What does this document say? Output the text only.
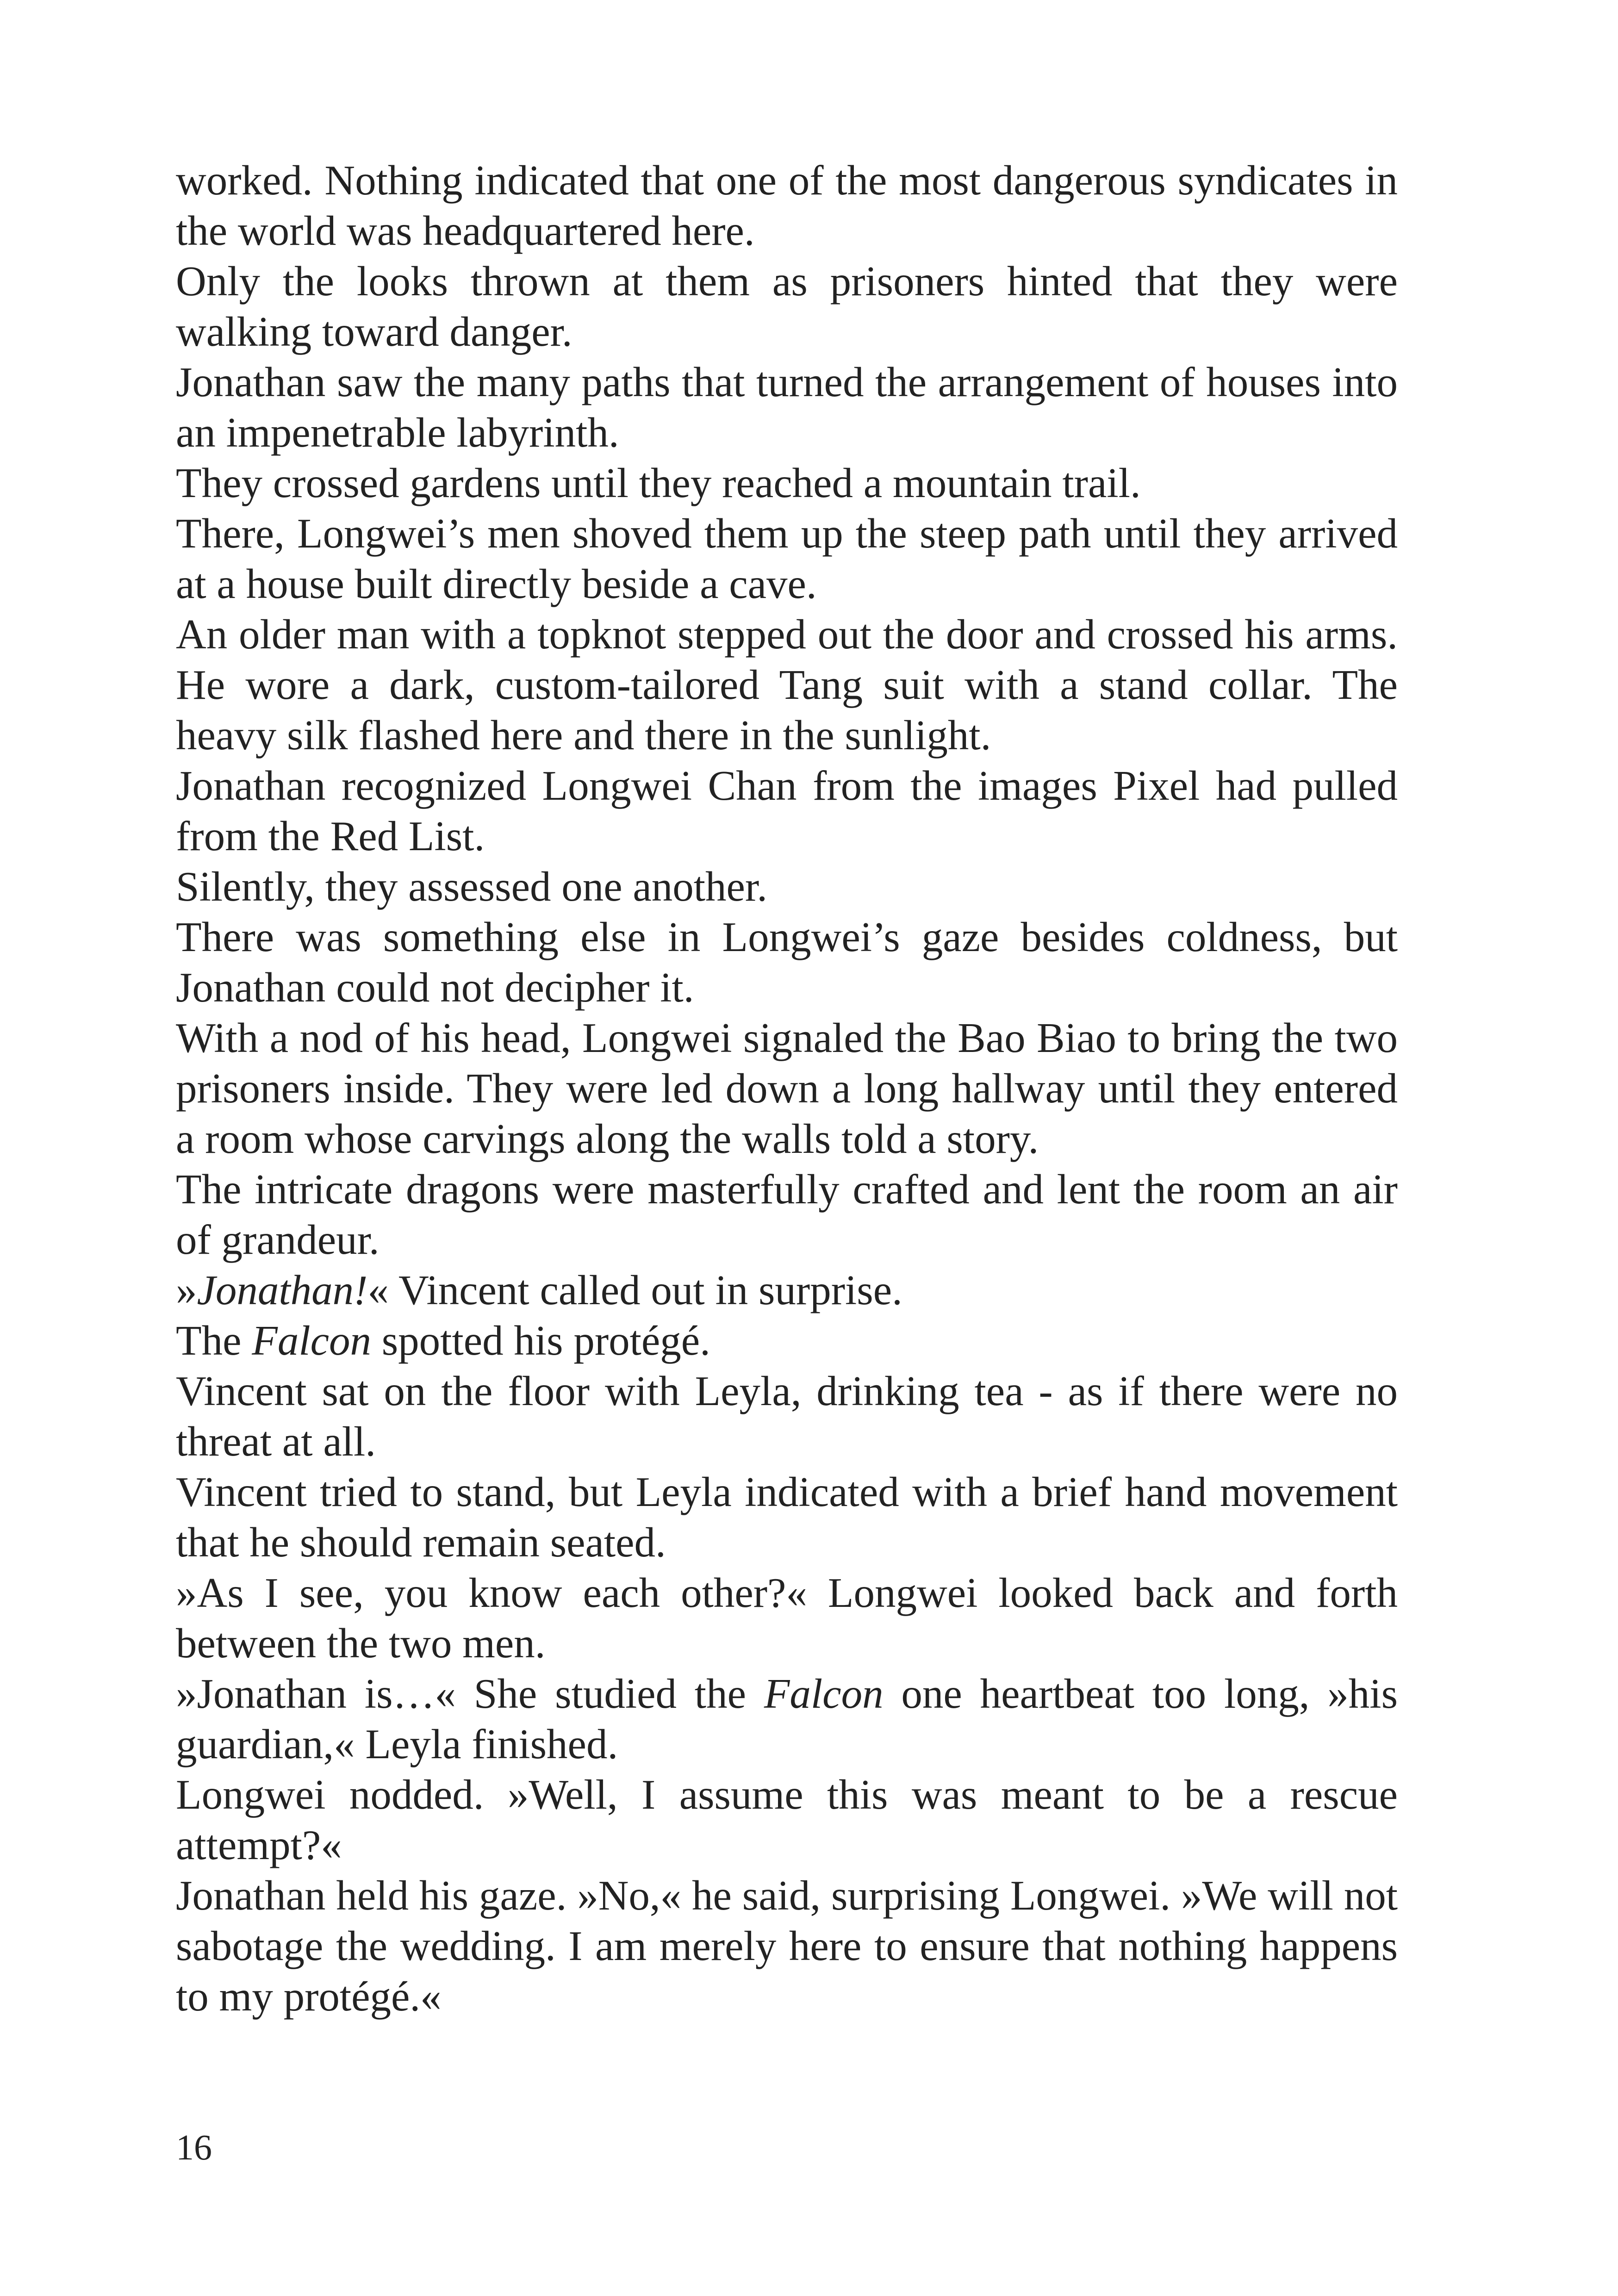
worked. Nothing indicated that one of the most dangerous syndicates in the world was headquartered here.

Only the looks thrown at them as prisoners hinted that they were walking toward danger.

Jonathan saw the many paths that turned the arrangement of houses into an impenetrable labyrinth.

They crossed gardens until they reached a mountain trail.

There, Longwei’s men shoved them up the steep path until they arrived at a house built directly beside a cave.

An older man with a topknot stepped out the door and crossed his arms. He wore a dark, custom-tailored Tang suit with a stand collar. The heavy silk flashed here and there in the sunlight.

Jonathan recognized Longwei Chan from the images Pixel had pulled from the Red List.

Silently, they assessed one another.

There was something else in Longwei’s gaze besides coldness, but Jonathan could not decipher it.

With a nod of his head, Longwei signaled the Bao Biao to bring the two prisoners inside. They were led down a long hallway until they entered a room whose carvings along the walls told a story.

The intricate dragons were masterfully crafted and lent the room an air of grandeur.

»Jonathan!« Vincent called out in surprise.

The Falcon spotted his protégé.

Vincent sat on the floor with Leyla, drinking tea - as if there were no threat at all.

Vincent tried to stand, but Leyla indicated with a brief hand movement that he should remain seated.

»As I see, you know each other?« Longwei looked back and forth between the two men.

»Jonathan is…« She studied the Falcon one heartbeat too long, »his guardian,« Leyla finished.

Longwei nodded. »Well, I assume this was meant to be a rescue attempt?«

Jonathan held his gaze. »No,« he said, surprising Longwei. »We will not sabotage the wedding. I am merely here to ensure that nothing happens to my protégé.«

16
